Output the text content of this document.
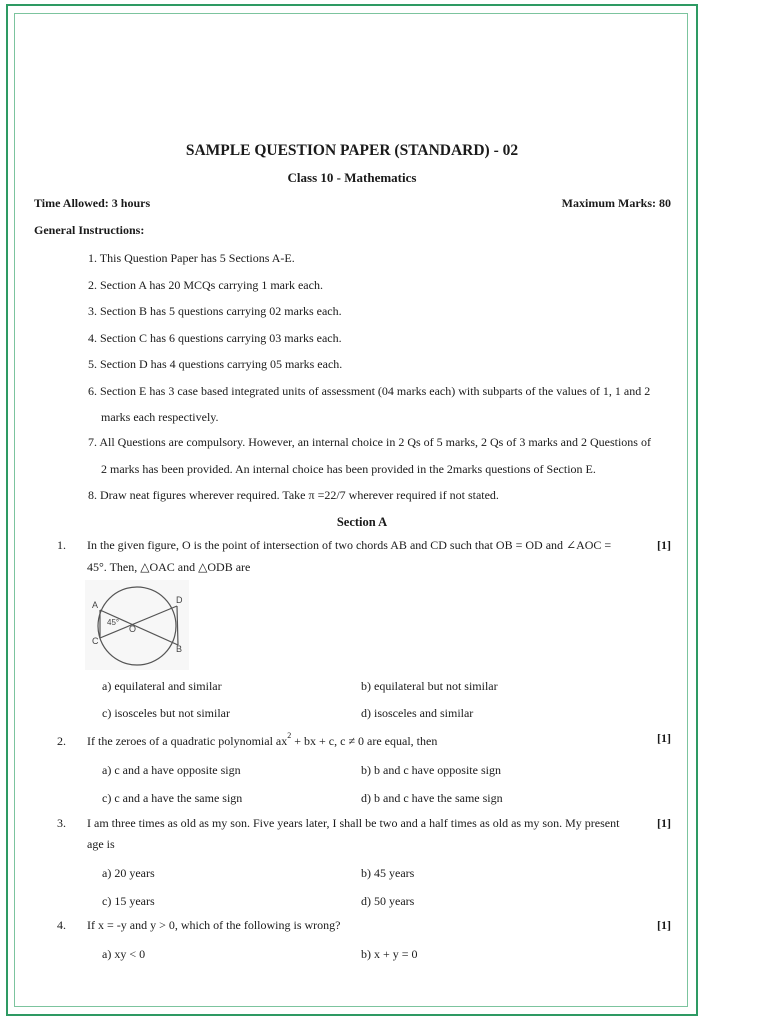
SAMPLE QUESTION PAPER (STANDARD) - 02
Class 10 - Mathematics
Time Allowed: 3 hours	Maximum Marks: 80
General Instructions:
1. This Question Paper has 5 Sections A-E.
2. Section A has 20 MCQs carrying 1 mark each.
3. Section B has 5 questions carrying 02 marks each.
4. Section C has 6 questions carrying 03 marks each.
5. Section D has 4 questions carrying 05 marks each.
6. Section E has 3 case based integrated units of assessment (04 marks each) with subparts of the values of 1, 1 and 2
marks each respectively.
7. All Questions are compulsory. However, an internal choice in 2 Qs of 5 marks, 2 Qs of 3 marks and 2 Questions of
2 marks has been provided. An internal choice has been provided in the 2marks questions of Section E.
8. Draw neat figures wherever required. Take π =22/7 wherever required if not stated.
Section A
1. In the given figure, O is the point of intersection of two chords AB and CD such that OB = OD and ∠AOC =	[1]
45°. Then, △OAC and △ODB are
A	D
45°
O
C
B
a) equilateral and similar	b) equilateral but not similar
c) isosceles but not similar	d) isosceles and similar
2. If the zeroes of a quadratic polynomial $ax^2$ + bx + c, c ≠ 0 are equal, then	[1]
a) c and a have opposite sign	b) b and c have opposite sign
c) c and a have the same sign	d) b and c have the same sign
3. I am three times as old as my son. Five years later, I shall be two and a half times as old as my son. My present	[1]
age is
a) 20 years	b) 45 years
c) 15 years	d) 50 years
4. If x = -y and y > 0, which of the following is wrong?	[1]
a) xy < 0	b) x + y = 0
